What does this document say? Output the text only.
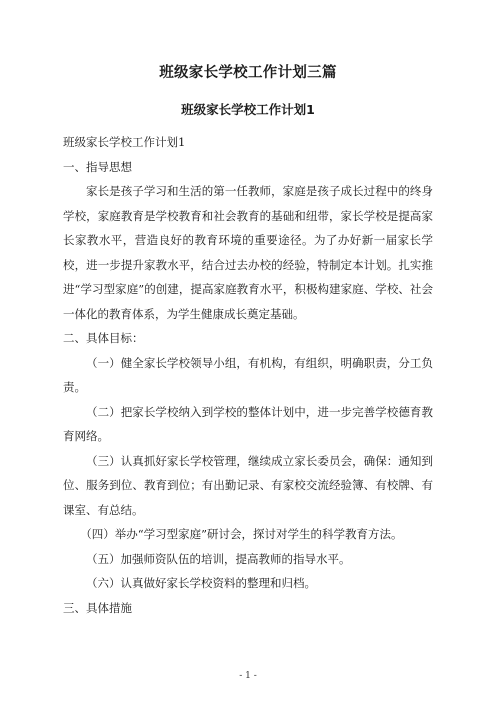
班级家长学校工作计划三篇
班级家长学校工作计划1

班级家长学校工作计划1

一、指导思想

家长是孩子学习和生活的第一任教师，家庭是孩子成长过程中的终身学校，家庭教育是学校教育和社会教育的基础和纽带，家长学校是提高家长家教水平，营造良好的教育环境的重要途径。为了办好新一届家长学校，进一步提升家教水平，结合过去办校的经验，特制定本计划。扎实推进“学习型家庭”的创建，提高家庭教育水平，积极构建家庭、学校、社会一体化的教育体系，为学生健康成长奠定基础。

二、具体目标：

（一）健全家长学校领导小组，有机构，有组织，明确职责，分工负责。

（二）把家长学校纳入到学校的整体计划中，进一步完善学校德育教育网络。

（三）认真抓好家长学校管理，继续成立家长委员会，确保：通知到位、服务到位、教育到位；有出勤记录、有家校交流经验簿、有校牌、有课室、有总结。

（四）举办“学习型家庭”研讨会，探讨对学生的科学教育方法。

（五）加强师资队伍的培训，提高教师的指导水平。

（六）认真做好家长学校资料的整理和归档。

三、具体措施

- 1 -
